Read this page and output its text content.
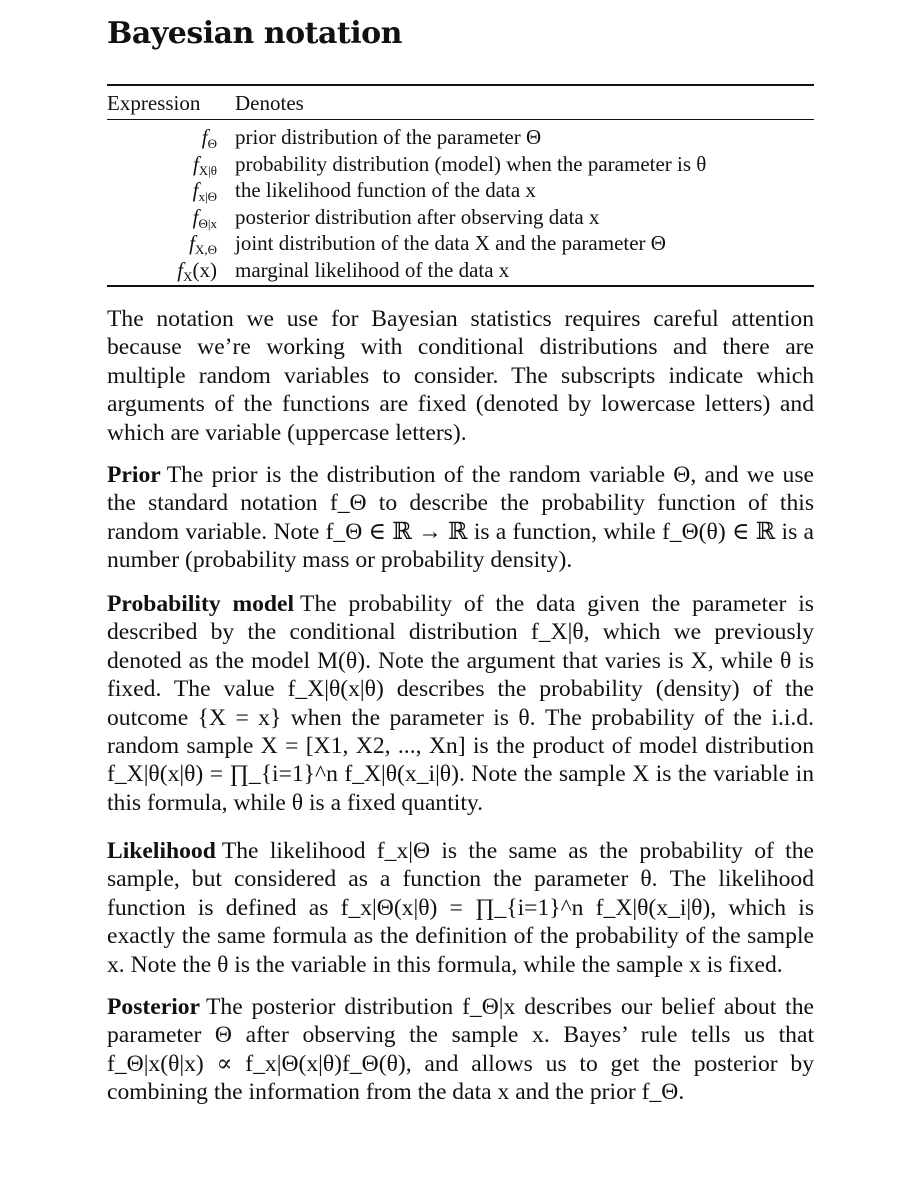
Bayesian notation
Expression	Denotes
$f_\Theta$	prior distribution of the parameter Θ
$f_{X|\theta}$	probability distribution (model) when the parameter is θ
$f_{x|\Theta}$	the likelihood function of the data x
$f_{\Theta|x}$	posterior distribution after observing data x
$f_{X,\Theta}$	joint distribution of the data X and the parameter Θ
$f_X(x)$	marginal likelihood of the data x

The notation we use for Bayesian statistics requires careful attention because we’re working with conditional distributions and there are multiple random variables to consider. The subscripts indicate which arguments of the functions are fixed (denoted by lowercase letters) and which are variable (uppercase letters).

Prior The prior is the distribution of the random variable Θ, and we use the standard notation f_Θ to describe the probability function of this random variable. Note f_Θ ∈ ℝ → ℝ is a function, while f_Θ(θ) ∈ ℝ is a number (probability mass or probability density).

Probability model The probability of the data given the parameter is described by the conditional distribution f_X|θ, which we previously denoted as the model M(θ). Note the argument that varies is X, while θ is fixed. The value f_X|θ(x|θ) describes the probability (density) of the outcome {X = x} when the parameter is θ. The probability of the i.i.d. random sample X = [X1, X2, ..., Xn] is the product of model distribution f_X|θ(x|θ) = ∏_{i=1}^n f_X|θ(x_i|θ). Note the sample X is the variable in this formula, while θ is a fixed quantity.

Likelihood The likelihood f_x|Θ is the same as the probability of the sample, but considered as a function the parameter θ. The likelihood function is defined as f_x|Θ(x|θ) = ∏_{i=1}^n f_X|θ(x_i|θ), which is exactly the same formula as the definition of the probability of the sample x. Note the θ is the variable in this formula, while the sample x is fixed.

Posterior The posterior distribution f_Θ|x describes our belief about the parameter Θ after observing the sample x. Bayes’ rule tells us that f_Θ|x(θ|x) ∝ f_x|Θ(x|θ)f_Θ(θ), and allows us to get the posterior by combining the information from the data x and the prior f_Θ.
